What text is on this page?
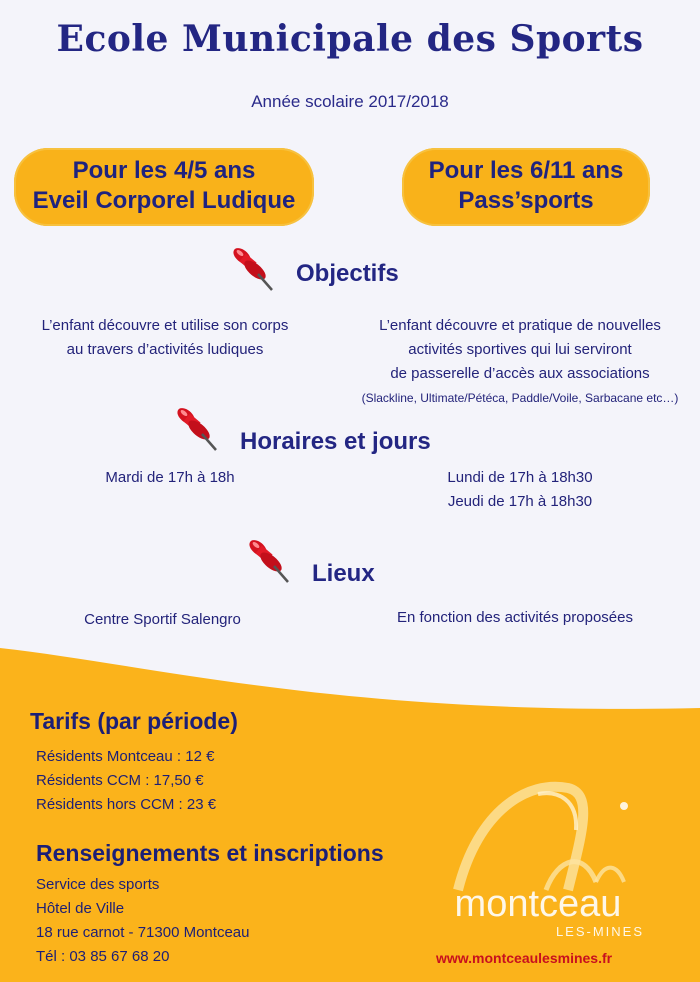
Ecole Municipale des Sports
Année scolaire 2017/2018
Pour les 4/5 ans
Eveil Corporel Ludique
Pour les 6/11 ans
Pass’sports
Objectifs
L’enfant découvre et utilise son corps
au travers d’activités ludiques
L’enfant découvre et pratique de nouvelles
activités sportives qui lui serviront
de passerelle d’accès aux associations
(Slackline, Ultimate/Pétéca, Paddle/Voile, Sarbacane etc…)
Horaires et jours
Mardi de 17h à 18h	Lundi de 17h à 18h30
Jeudi de 17h à 18h30
Lieux
Centre Sportif Salengro	En fonction des activités proposées
Tarifs (par période)
Résidents Montceau : 12 €
Résidents CCM : 17,50 €
Résidents hors CCM : 23 €
Renseignements et inscriptions
Service des sports
Hôtel de Ville
18 rue carnot - 71300 Montceau
Tél : 03 85 67 68 20
montceau
LES-MINES
www.montceaulesmines.fr
